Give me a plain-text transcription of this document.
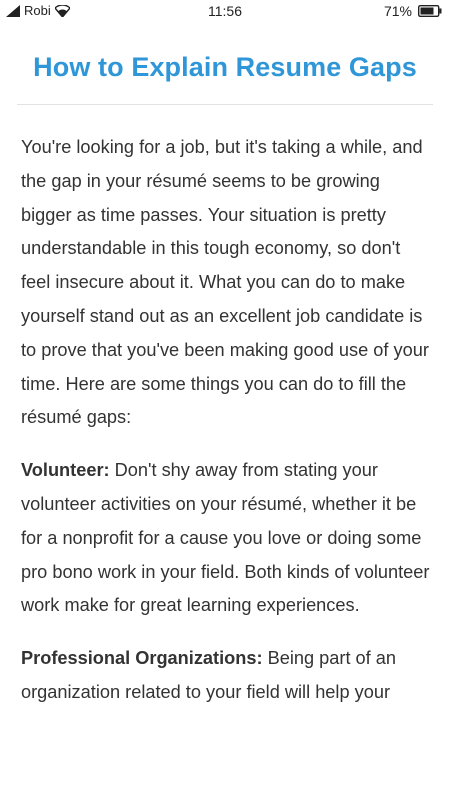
Robi	11:56	71%
How to Explain Resume Gaps

You're looking for a job, but it's taking a while, and the gap in your résumé seems to be growing bigger as time passes. Your situation is pretty understandable in this tough economy, so don't feel insecure about it. What you can do to make yourself stand out as an excellent job candidate is to prove that you've been making good use of your time. Here are some things you can do to fill the résumé gaps:

Volunteer: Don't shy away from stating your volunteer activities on your résumé, whether it be for a nonprofit for a cause you love or doing some pro bono work in your field. Both kinds of volunteer work make for great learning experiences.

Professional Organizations: Being part of an organization related to your field will help your
